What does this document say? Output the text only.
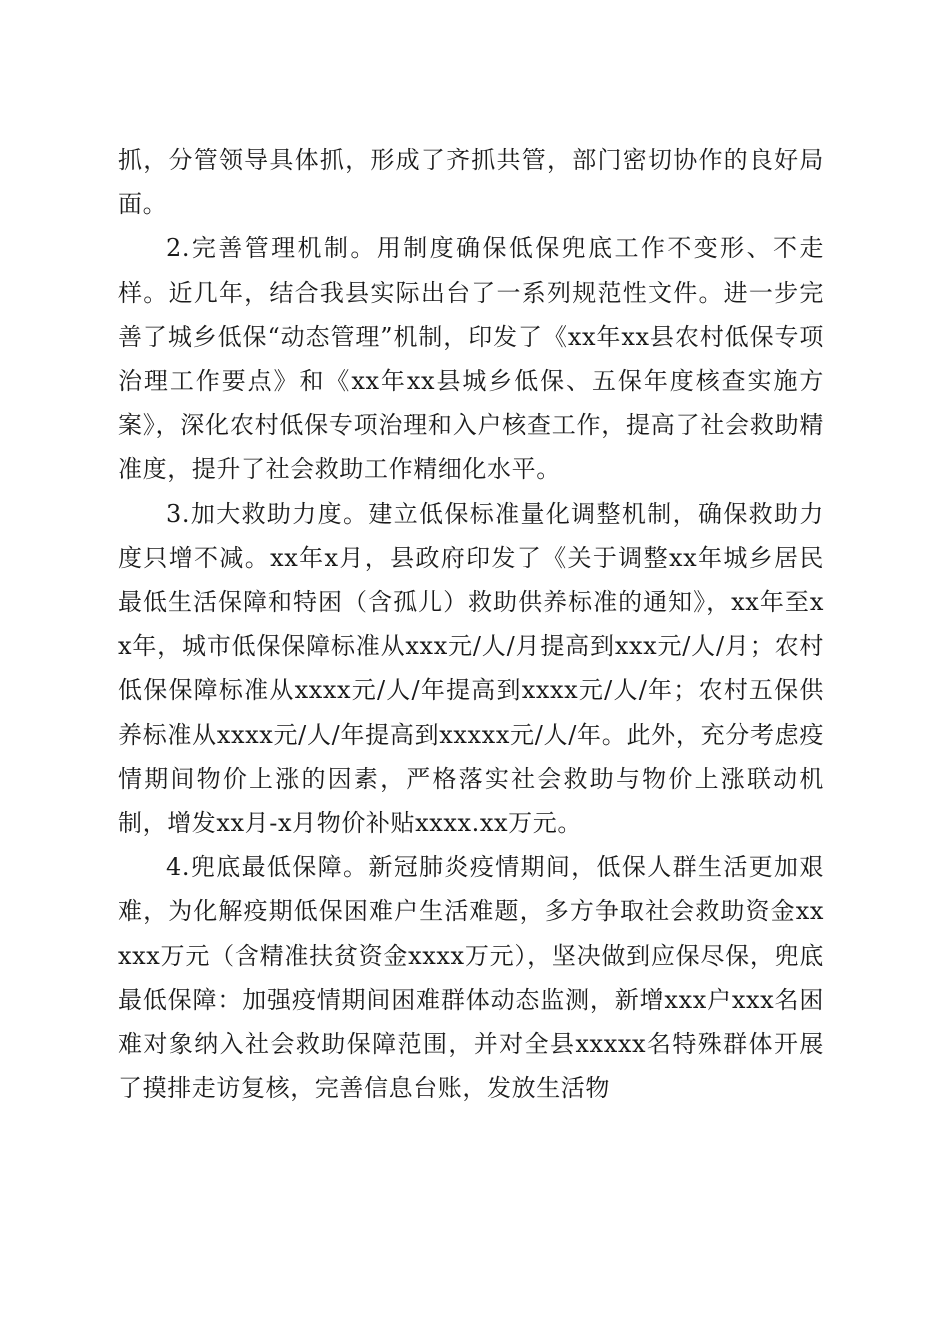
抓，分管领导具体抓，形成了齐抓共管，部门密切协作的良好局面。

2.完善管理机制。用制度确保低保兜底工作不变形、不走样。近几年，结合我县实际出台了一系列规范性文件。进一步完善了城乡低保“动态管理”机制，印发了《xx年xx县农村低保专项治理工作要点》和《xx年xx县城乡低保、五保年度核查实施方案》，深化农村低保专项治理和入户核查工作，提高了社会救助精准度，提升了社会救助工作精细化水平。

3.加大救助力度。建立低保标准量化调整机制，确保救助力度只增不减。xx年x月，县政府印发了《关于调整xx年城乡居民最低生活保障和特困（含孤儿）救助供养标准的通知》，xx年至xx年，城市低保保障标准从xxx元/人/月提高到xxx元/人/月；农村低保保障标准从xxxx元/人/年提高到xxxx元/人/年；农村五保供养标准从xxxx元/人/年提高到xxxxx元/人/年。此外，充分考虑疫情期间物价上涨的因素，严格落实社会救助与物价上涨联动机制，增发xx月-x月物价补贴xxxx.xx万元。

4.兜底最低保障。新冠肺炎疫情期间，低保人群生活更加艰难，为化解疫期低保困难户生活难题，多方争取社会救助资金xxxxx万元（含精准扶贫资金xxxx万元），坚决做到应保尽保，兜底最低保障：加强疫情期间困难群体动态监测，新增xxx户xxx名困难对象纳入社会救助保障范围，并对全县xxxxx名特殊群体开展了摸排走访复核，完善信息台账，发放生活物
